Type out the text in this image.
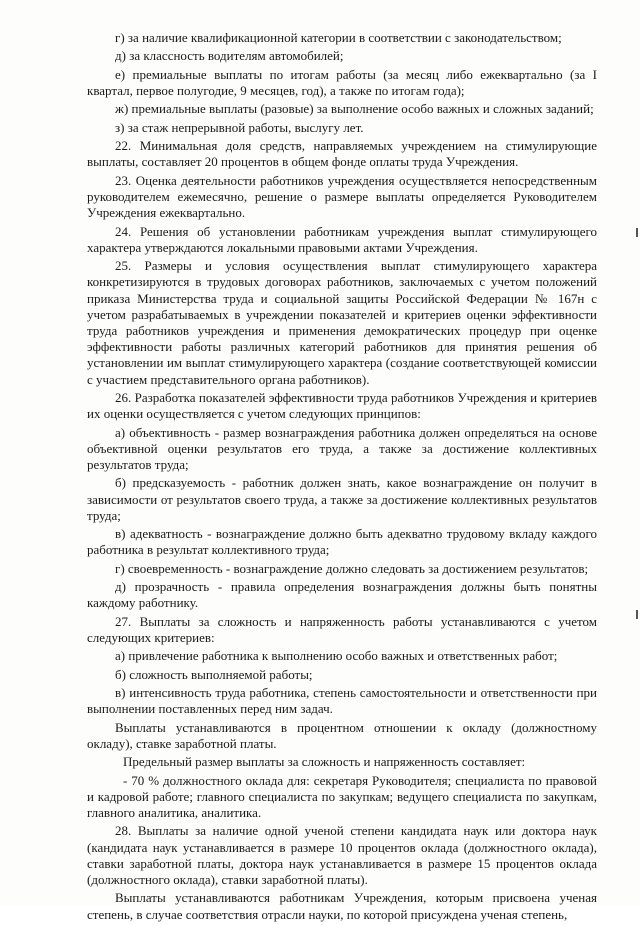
г) за наличие квалификационной категории в соответствии с законодательством;

д) за классность водителям автомобилей;

е) премиальные выплаты по итогам работы (за месяц либо ежеквартально (за I квартал, первое полугодие, 9 месяцев, год), а также по итогам года);

ж) премиальные выплаты (разовые) за выполнение особо важных и сложных заданий;

з) за стаж непрерывной работы, выслугу лет.

22. Минимальная доля средств, направляемых учреждением на стимулирующие выплаты, составляет 20 процентов в общем фонде оплаты труда Учреждения.

23. Оценка деятельности работников учреждения осуществляется непосредственным руководителем ежемесячно, решение о размере выплаты определяется Руководителем Учреждения ежеквартально.

24. Решения об установлении работникам учреждения выплат стимулирующего характера утверждаются локальными правовыми актами Учреждения.

25. Размеры и условия осуществления выплат стимулирующего характера конкретизируются в трудовых договорах работников, заключаемых с учетом положений приказа Министерства труда и социальной защиты Российской Федерации № 167н с учетом разрабатываемых в учреждении показателей и критериев оценки эффективности труда работников учреждения и применения демократических процедур при оценке эффективности работы различных категорий работников для принятия решения об установлении им выплат стимулирующего характера (создание соответствующей комиссии с участием представительного органа работников).

26. Разработка показателей эффективности труда работников Учреждения и критериев их оценки осуществляется с учетом следующих принципов:

а) объективность - размер вознаграждения работника должен определяться на основе объективной оценки результатов его труда, а также за достижение коллективных результатов труда;

б) предсказуемость - работник должен знать, какое вознаграждение он получит в зависимости от результатов своего труда, а также за достижение коллективных результатов труда;

в) адекватность - вознаграждение должно быть адекватно трудовому вкладу каждого работника в результат коллективного труда;

г) своевременность - вознаграждение должно следовать за достижением результатов;

д) прозрачность - правила определения вознаграждения должны быть понятны каждому работнику.

27. Выплаты за сложность и напряженность работы устанавливаются с учетом следующих критериев:

а) привлечение работника к выполнению особо важных и ответственных работ;

б) сложность выполняемой работы;

в) интенсивность труда работника, степень самостоятельности и ответственности при выполнении поставленных перед ним задач.

Выплаты устанавливаются в процентном отношении к окладу (должностному окладу), ставке заработной платы.

Предельный размер выплаты за сложность и напряженность составляет:

- 70 % должностного оклада для: секретаря Руководителя; специалиста по правовой и кадровой работе; главного специалиста по закупкам; ведущего специалиста по закупкам, главного аналитика, аналитика.

28. Выплаты за наличие одной ученой степени кандидата наук или доктора наук (кандидата наук устанавливается в размере 10 процентов оклада (должностного оклада), ставки заработной платы, доктора наук устанавливается в размере 15 процентов оклада (должностного оклада), ставки заработной платы).

Выплаты устанавливаются работникам Учреждения, которым присвоена ученая степень, в случае соответствия отрасли науки, по которой присуждена ученая степень,
